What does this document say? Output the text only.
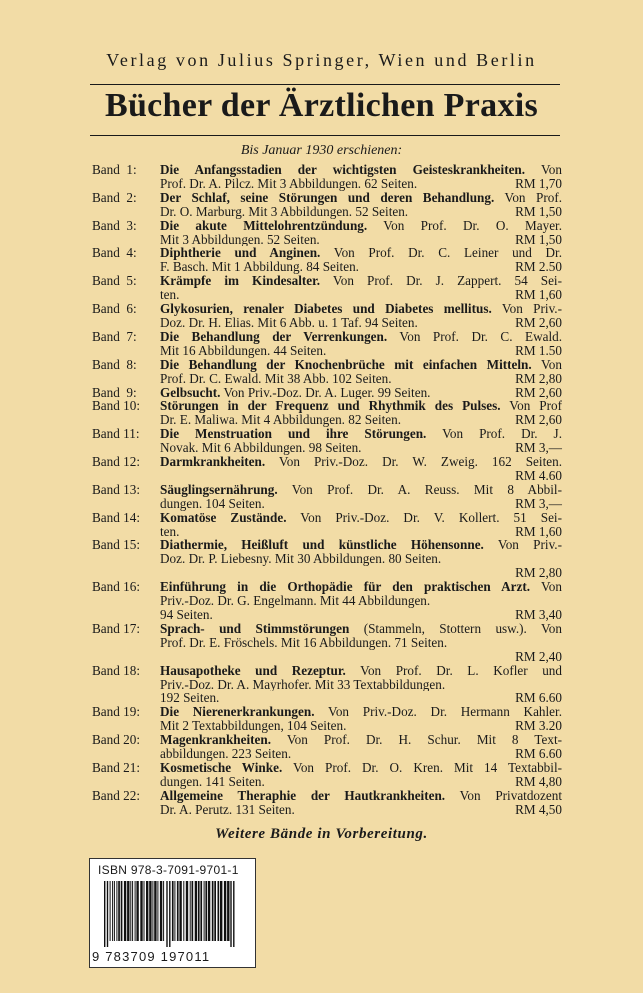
Verlag von Julius Springer, Wien und Berlin
Bücher der Ärztlichen Praxis
Bis Januar 1930 erschienen:
Band  1: Die Anfangsstadien der wichtigsten Geisteskrankheiten. Von
Prof. Dr. A. Pilcz. Mit 3 Abbildungen. 62 Seiten.	RM 1,70
Band  2: Der Schlaf, seine Störungen und deren Behandlung. Von Prof.
Dr. O. Marburg. Mit 3 Abbildungen. 52 Seiten.	RM 1,50
Band  3: Die akute Mittelohrentzündung. Von Prof. Dr. O. Mayer.
Mit 3 Abbildungen. 52 Seiten.	RM 1,50
Band  4: Diphtherie und Anginen. Von Prof. Dr. C. Leiner und Dr.
F. Basch. Mit 1 Abbildung. 84 Seiten.	RM 2.50
Band  5: Krämpfe im Kindesalter. Von Prof. Dr. J. Zappert. 54 Sei-
ten.	RM 1,60
Band  6: Glykosurien, renaler Diabetes und Diabetes mellitus. Von Priv.-
Doz. Dr. H. Elias. Mit 6 Abb. u. 1 Taf. 94 Seiten.	RM 2,60
Band  7: Die Behandlung der Verrenkungen. Von Prof. Dr. C. Ewald.
Mit 16 Abbildungen. 44 Seiten.	RM 1.50
Band  8: Die Behandlung der Knochenbrüche mit einfachen Mitteln. Von
Prof. Dr. C. Ewald. Mit 38 Abb. 102 Seiten.	RM 2,80
Band  9: Gelbsucht. Von Priv.-Doz. Dr. A. Luger. 99 Seiten.	RM 2,60
Band 10: Störungen in der Frequenz und Rhythmik des Pulses. Von Prof
Dr. E. Maliwa. Mit 4 Abbildungen. 82 Seiten.	RM 2,60
Band 11: Die Menstruation und ihre Störungen. Von Prof. Dr. J.
Novak. Mit 6 Abbildungen. 98 Seiten.	RM 3,—
Band 12: Darmkrankheiten. Von Priv.-Doz. Dr. W. Zweig. 162 Seiten.
RM 4.60
Band 13: Säuglingsernährung. Von Prof. Dr. A. Reuss. Mit 8 Abbil-
dungen. 104 Seiten.	RM 3,—
Band 14: Komatöse Zustände. Von Priv.-Doz. Dr. V. Kollert. 51 Sei-
ten.	RM 1,60
Band 15: Diathermie, Heißluft und künstliche Höhensonne. Von Priv.-
Doz. Dr. P. Liebesny. Mit 30 Abbildungen. 80 Seiten.
RM 2,80
Band 16: Einführung in die Orthopädie für den praktischen Arzt. Von
Priv.-Doz. Dr. G. Engelmann. Mit 44 Abbildungen.
94 Seiten.	RM 3,40
Band 17: Sprach- und Stimmstörungen (Stammeln, Stottern usw.). Von
Prof. Dr. E. Fröschels. Mit 16 Abbildungen. 71 Seiten.
RM 2,40
Band 18: Hausapotheke und Rezeptur. Von Prof. Dr. L. Kofler und
Priv.-Doz. Dr. A. Mayrhofer. Mit 33 Textabbildungen.
192 Seiten.	RM 6.60
Band 19: Die Nierenerkrankungen. Von Priv.-Doz. Dr. Hermann Kahler.
Mit 2 Textabbildungen, 104 Seiten.	RM 3.20
Band 20: Magenkrankheiten. Von Prof. Dr. H. Schur. Mit 8 Text-
abbildungen. 223 Seiten.	RM 6.60
Band 21: Kosmetische Winke. Von Prof. Dr. O. Kren. Mit 14 Textabbil-
dungen. 141 Seiten.	RM 4,80
Band 22: Allgemeine Theraphie der Hautkrankheiten. Von Privatdozent
Dr. A. Perutz. 131 Seiten.	RM 4,50
Weitere Bände in Vorbereitung.
ISBN 978-3-7091-9701-1
9 783709 197011
